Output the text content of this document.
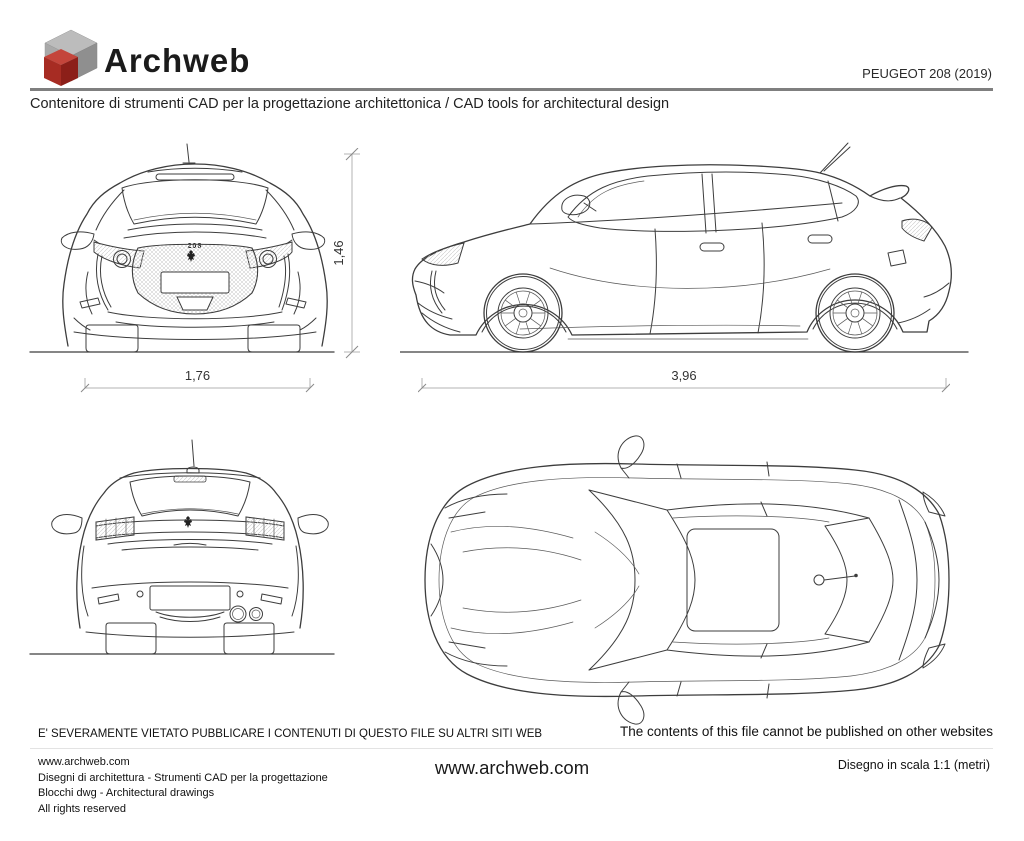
Archweb	PEUGEOT 208 (2019)
Contenitore di strumenti CAD per la progettazione architettonica / CAD tools for architectural design
1,46
1,76	3,96
E' SEVERAMENTE VIETATO PUBBLICARE I CONTENUTI DI QUESTO FILE SU ALTRI SITI WEB	The contents of this file cannot be published on other websites
www.archweb.com
Disegni di architettura - Strumenti CAD per la progettazione
Blocchi dwg - Architectural drawings
All rights reserved
www.archweb.com	Disegno in scala 1:1 (metri)
